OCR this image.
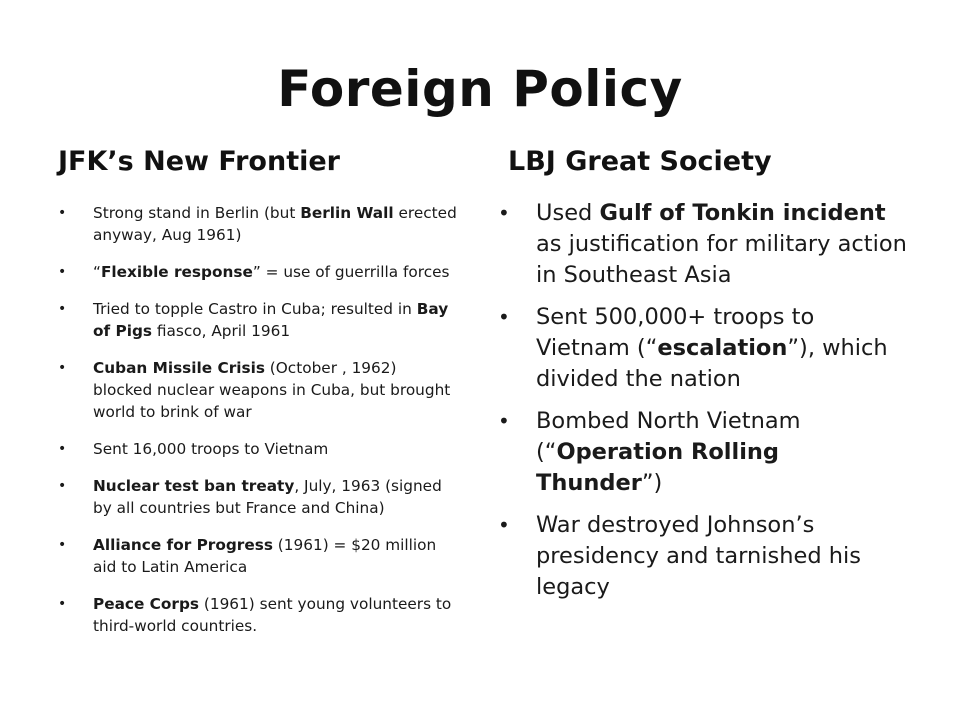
Foreign Policy
JFK’s New Frontier	LBJ Great Society
• Strong stand in Berlin (but Berlin Wall erected anyway, Aug 1961)
• “Flexible response” = use of guerrilla forces
• Tried to topple Castro in Cuba; resulted in Bay of Pigs fiasco, April 1961
• Cuban Missile Crisis (October , 1962) blocked nuclear weapons in Cuba, but brought world to brink of war
• Sent 16,000 troops to Vietnam
• Nuclear test ban treaty, July, 1963 (signed by all countries but France and China)
• Alliance for Progress (1961) = $20 million aid to Latin America
• Peace Corps (1961) sent young volunteers to third-world countries.
• Used Gulf of Tonkin incident as justification for military action in Southeast Asia
• Sent 500,000+ troops to Vietnam (“escalation”), which divided the nation
• Bombed North Vietnam (“Operation Rolling Thunder”)
• War destroyed Johnson’s presidency and tarnished his legacy
